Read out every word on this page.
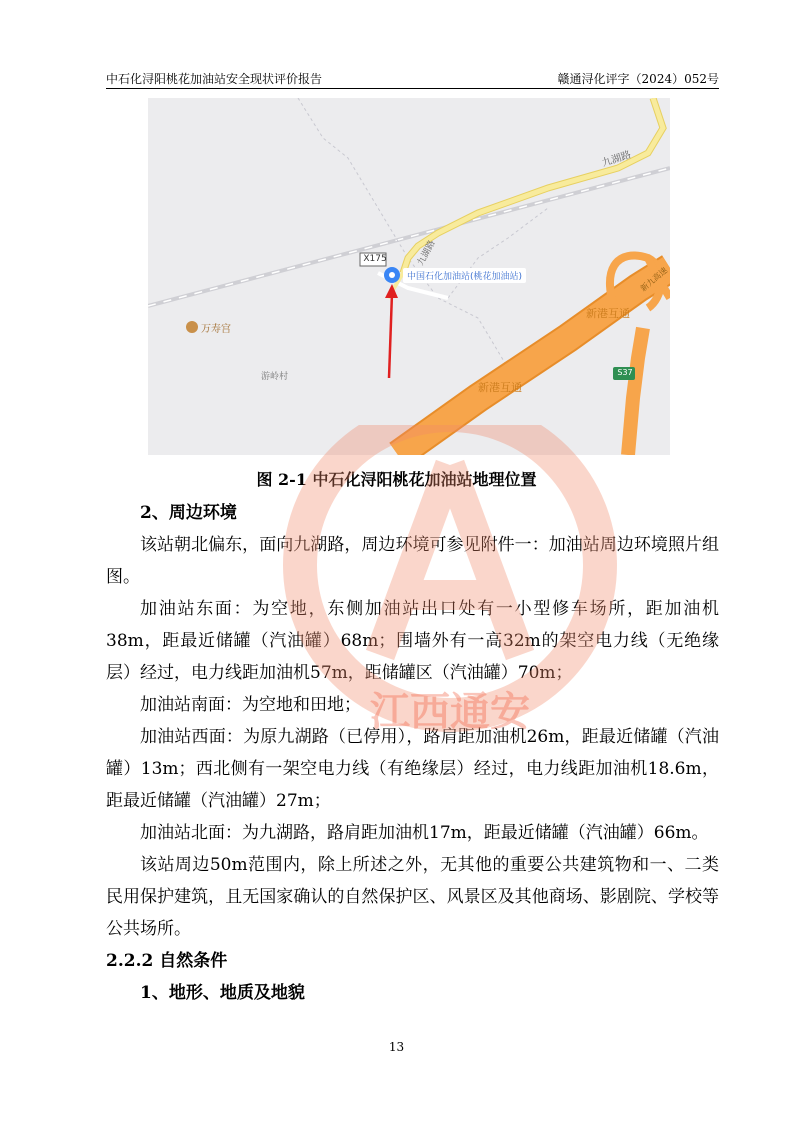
中石化浔阳桃花加油站安全现状评价报告	赣通浔化评字（2024）052号
九湖路
九湖路
X175
中国石化加油站(桃花加油站)
万寿宫
游岭村
新港互通
新港互通
S37
新九高速
图 2-1 中石化浔阳桃花加油站地理位置

2、周边环境

该站朝北偏东，面向九湖路，周边环境可参见附件一：加油站周边环境照片组图。

加油站东面：为空地，东侧加油站出口处有一小型修车场所，距加油机38m，距最近储罐（汽油罐）68m；围墙外有一高32m的架空电力线（无绝缘层）经过，电力线距加油机57m，距储罐区（汽油罐）70m；

加油站南面：为空地和田地；

加油站西面：为原九湖路（已停用），路肩距加油机26m，距最近储罐（汽油罐）13m；西北侧有一架空电力线（有绝缘层）经过，电力线距加油机18.6m，距最近储罐（汽油罐）27m；

加油站北面：为九湖路，路肩距加油机17m，距最近储罐（汽油罐）66m。

该站周边50m范围内，除上所述之外，无其他的重要公共建筑物和一、二类民用保护建筑，且无国家确认的自然保护区、风景区及其他商场、影剧院、学校等公共场所。

2.2.2 自然条件

1、地形、地质及地貌

江西通安
13
